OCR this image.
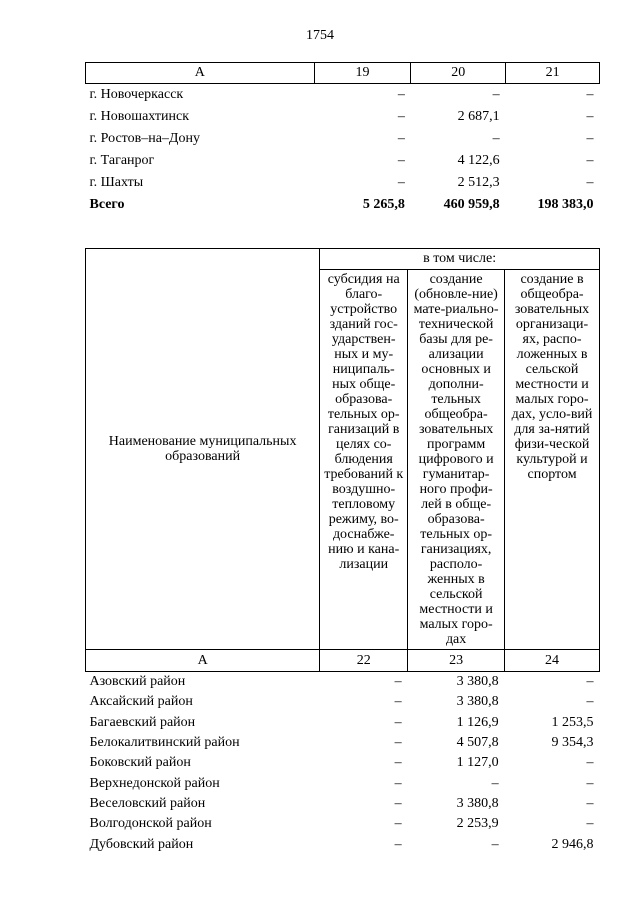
1754
А	19	20	21
г. Новочеркасск	–	–	–
г. Новошахтинск	–	2 687,1	–
г. Ростов–на–Дону	–	–	–
г. Таганрог	–	4 122,6	–
г. Шахты	–	2 512,3	–
Всего	5 265,8	460 959,8	198 383,0
Наименование муниципальных образований	в том числе:		
	субсидия на благо-устройство зданий гос-ударствен-ных и му-ниципаль-ных обще-образова-тельных ор-ганизаций в целях со-блюдения требований к воздушно-тепловому режиму, во-доснабже-нию и кана-лизации	создание (обновле-ние) мате-риально-технической базы для ре-ализации основных и дополни-тельных общеобра-зовательных программ цифрового и гуманитар-ного профи-лей в обще-образова-тельных ор-ганизациях, располо-женных в сельской местности и малых горо-дах	создание в общеобра-зовательных организаци-ях, распо-ложенных в сельской местности и малых горо-дах, усло-вий для за-нятий физи-ческой культурой и спортом
А	22	23	24
Азовский район	–	3 380,8	–
Аксайский район	–	3 380,8	–
Багаевский район	–	1 126,9	1 253,5
Белокалитвинский район	–	4 507,8	9 354,3
Боковский район	–	1 127,0	–
Верхнедонской район	–	–	–
Веселовский район	–	3 380,8	–
Волгодонской район	–	2 253,9	–
Дубовский район	–	–	2 946,8
